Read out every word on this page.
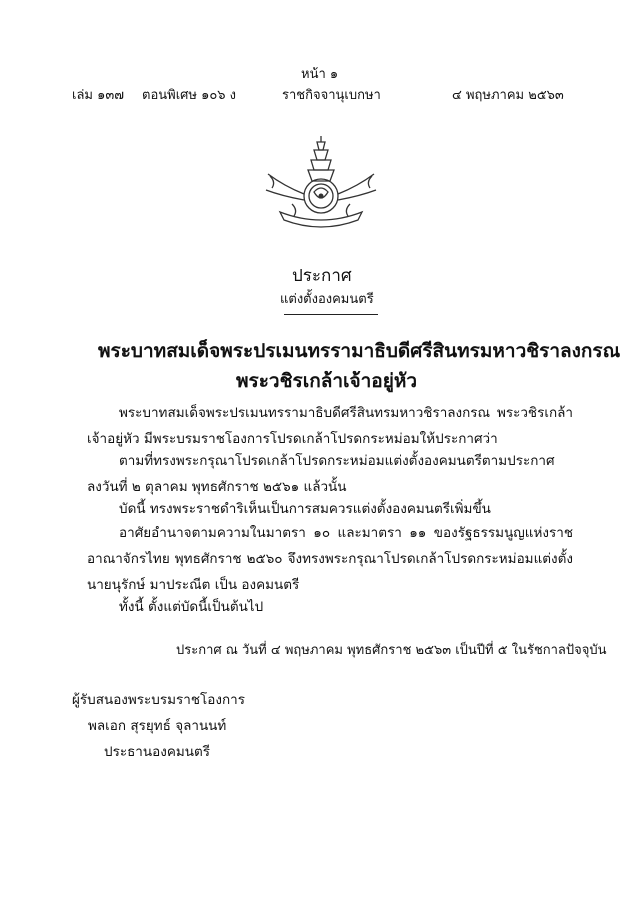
หน้า ๑
เล่ม ๑๓๗ ตอนพิเศษ ๑๐๖ ง	ราชกิจจานุเบกษา	๔ พฤษภาคม ๒๕๖๓
ประกาศ
แต่งตั้งองคมนตรี
พระบาทสมเด็จพระปรเมนทรรามาธิบดีศรีสินทรมหาวชิราลงกรณ
พระวชิรเกล้าเจ้าอยู่หัว
พระบาทสมเด็จพระปรเมนทรรามาธิบดีศรีสินทรมหาวชิราลงกรณ พระวชิรเกล้าเจ้าอยู่หัว มีพระบรมราชโองการโปรดเกล้าโปรดกระหม่อมให้ประกาศว่า
ตามที่ทรงพระกรุณาโปรดเกล้าโปรดกระหม่อมแต่งตั้งองคมนตรีตามประกาศ ลงวันที่ ๒ ตุลาคม พุทธศักราช ๒๕๖๑ แล้วนั้น
บัดนี้ ทรงพระราชดำริเห็นเป็นการสมควรแต่งตั้งองคมนตรีเพิ่มขึ้น
อาศัยอำนาจตามความในมาตรา ๑๐ และมาตรา ๑๑ ของรัฐธรรมนูญแห่งราชอาณาจักรไทย พุทธศักราช ๒๕๖๐ จึงทรงพระกรุณาโปรดเกล้าโปรดกระหม่อมแต่งตั้ง นายนุรักษ์ มาประณีต เป็น องคมนตรี
ทั้งนี้ ตั้งแต่บัดนี้เป็นต้นไป
ประกาศ ณ วันที่ ๔ พฤษภาคม พุทธศักราช ๒๕๖๓ เป็นปีที่ ๕ ในรัชกาลปัจจุบัน
ผู้รับสนองพระบรมราชโองการ
พลเอก สุรยุทธ์ จุลานนท์
ประธานองคมนตรี
